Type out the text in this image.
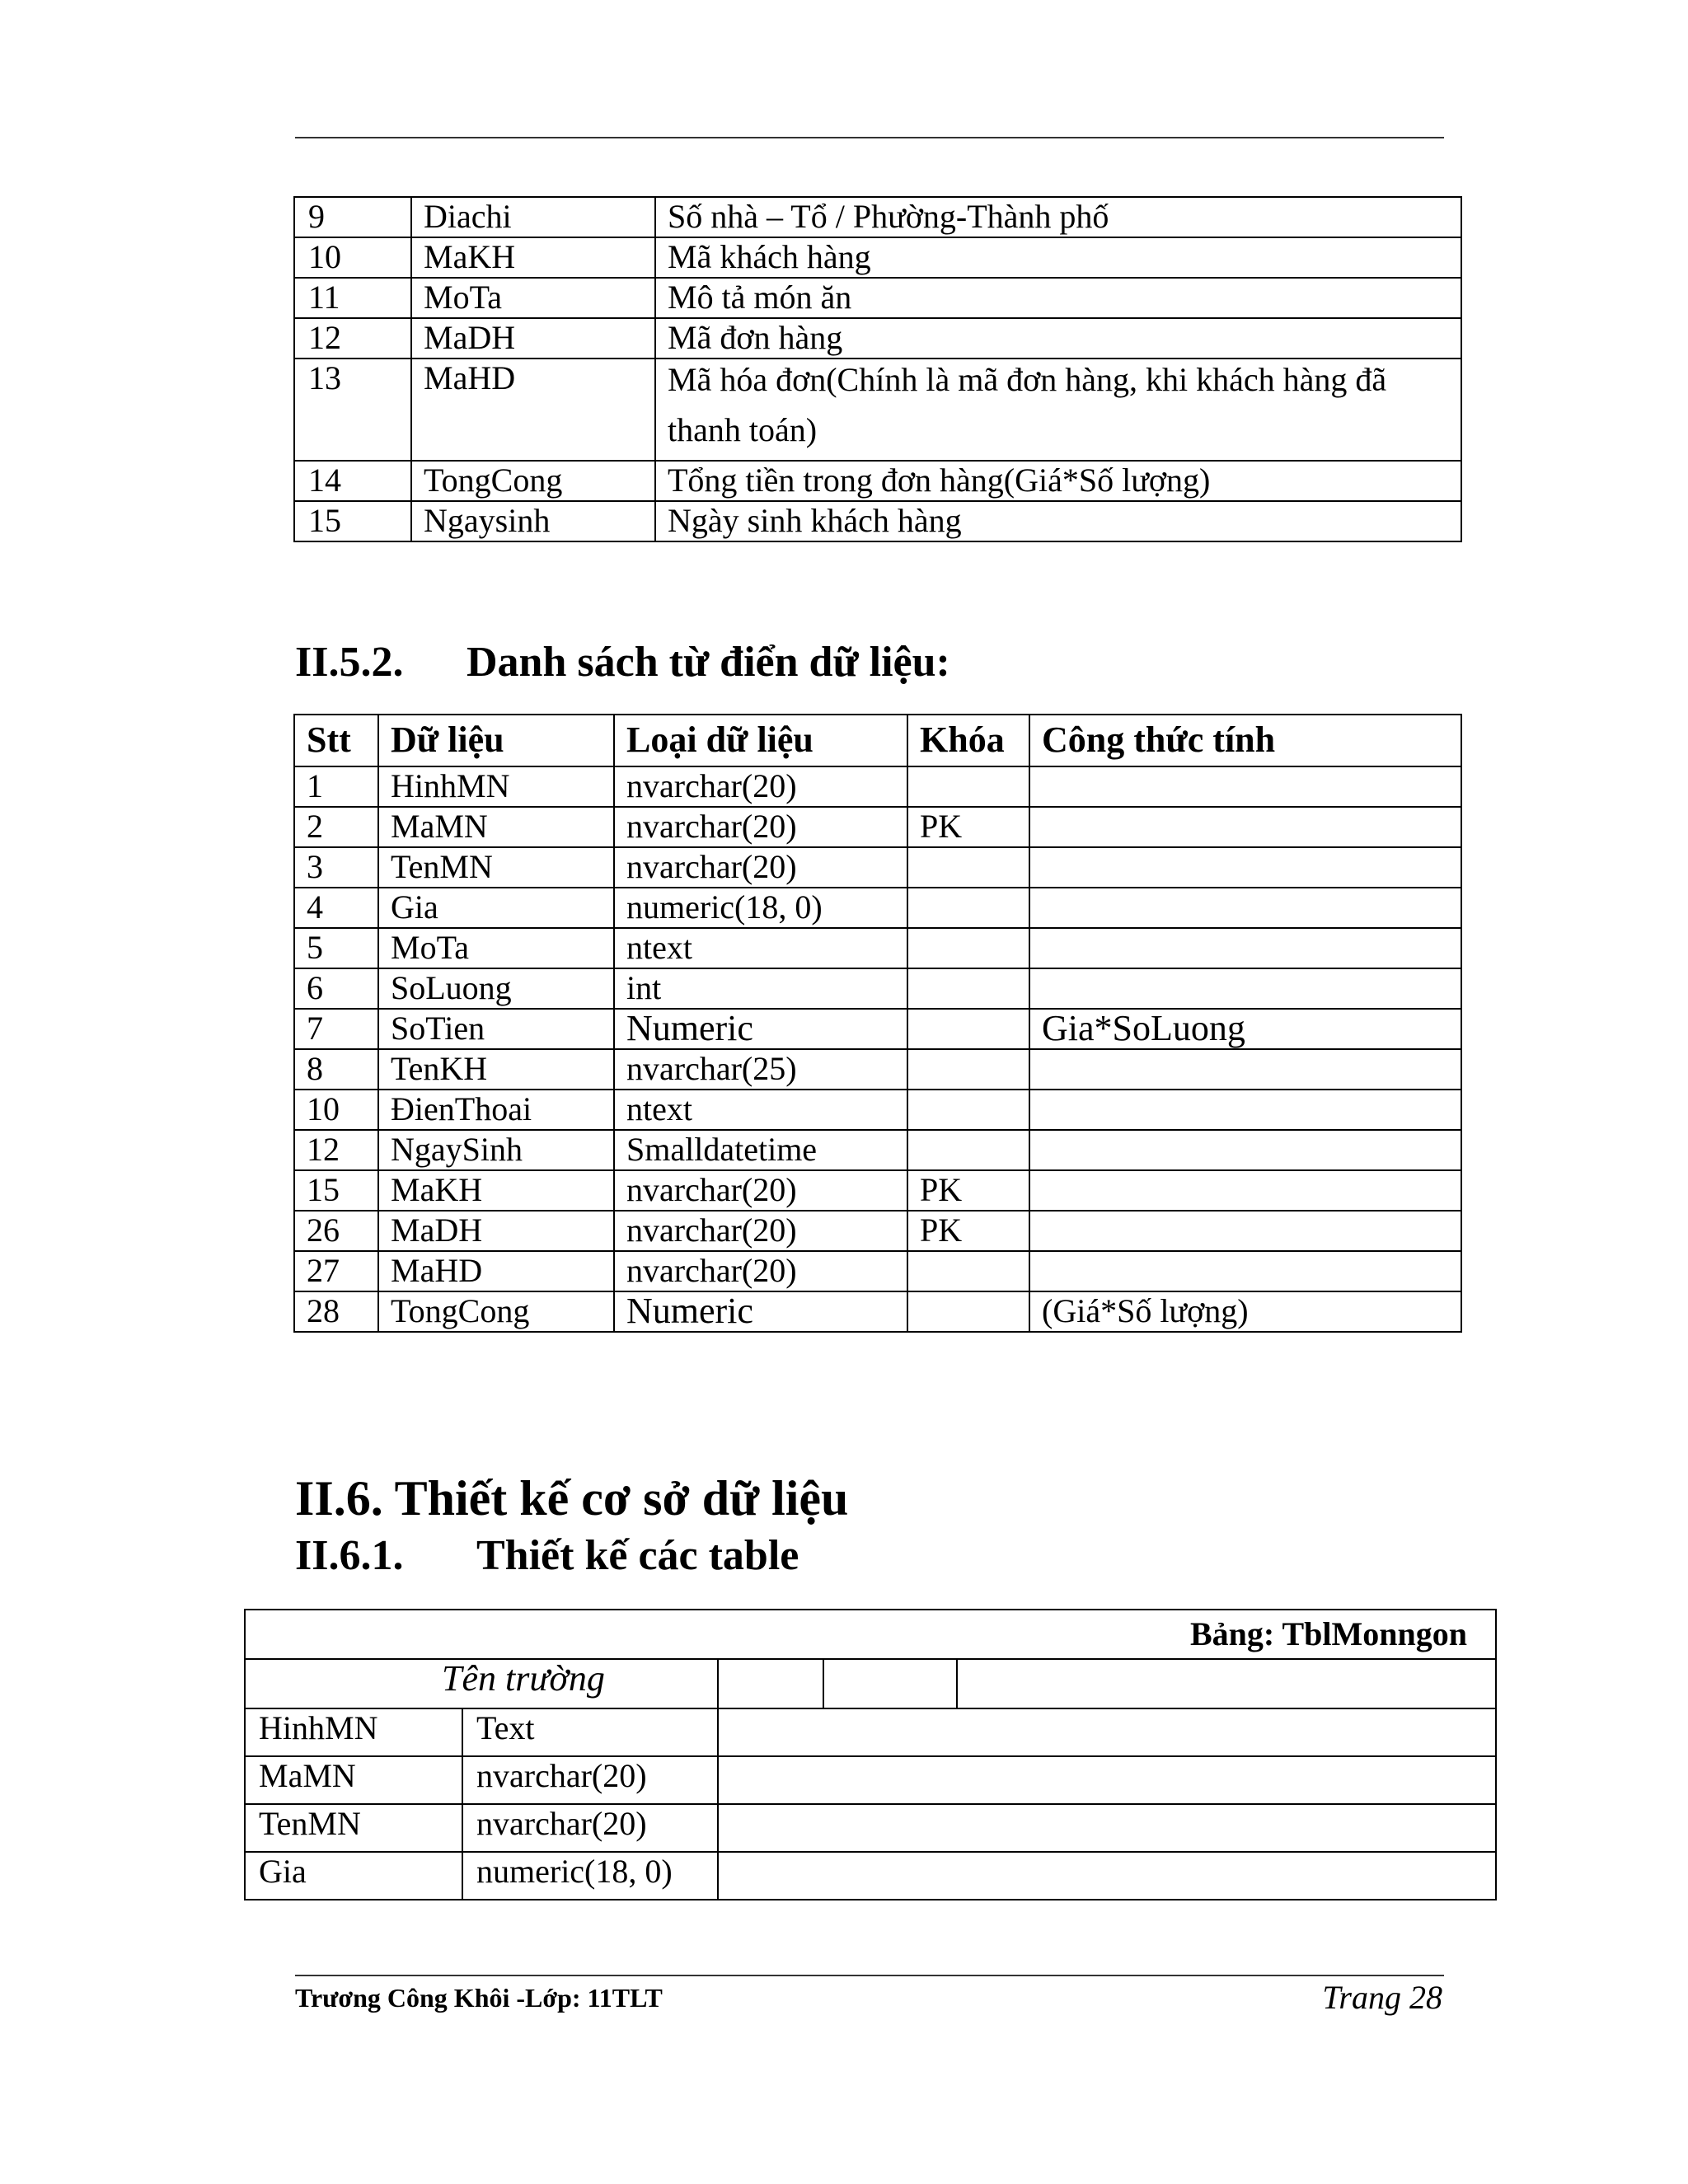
9	Diachi	Số nhà – Tổ / Phường-Thành phố
10	MaKH	Mã khách hàng
11	MoTa	Mô tả món ăn
12	MaDH	Mã đơn hàng
13	MaHD	Mã hóa đơn(Chính là mã đơn hàng, khi khách hàng đã
thanh toán)

14	TongCong	Tổng tiền trong đơn hàng(Giá*Số lượng)
15	Ngaysinh	Ngày sinh khách hàng
II.5.2. Danh sách từ điển dữ liệu:
Stt	Dữ liệu	Loại dữ liệu	Khóa	Công thức tính
1	HinhMN	nvarchar(20)		
2	MaMN	nvarchar(20)	PK	
3	TenMN	nvarchar(20)		
4	Gia	numeric(18, 0)		
5	MoTa	ntext		
6	SoLuong	int		
7	SoTien	Numeric		Gia*SoLuong
8	TenKH	nvarchar(25)		
10	ĐienThoai	ntext		
12	NgaySinh	Smalldatetime		
15	MaKH	nvarchar(20)	PK	
26	MaDH	nvarchar(20)	PK	
27	MaHD	nvarchar(20)		
28	TongCong	Numeric		(Giá*Số lượng)
II.6. Thiết kế cơ sở dữ liệu
II.6.1. Thiết kế các table
Bảng: TblMonngon				
Tên trường				
HinhMN	Text			
MaMN	nvarchar(20)			
TenMN	nvarchar(20)			
Gia	numeric(18, 0)			
Trương Công Khôi -Lớp: 11TLT	Trang 28
